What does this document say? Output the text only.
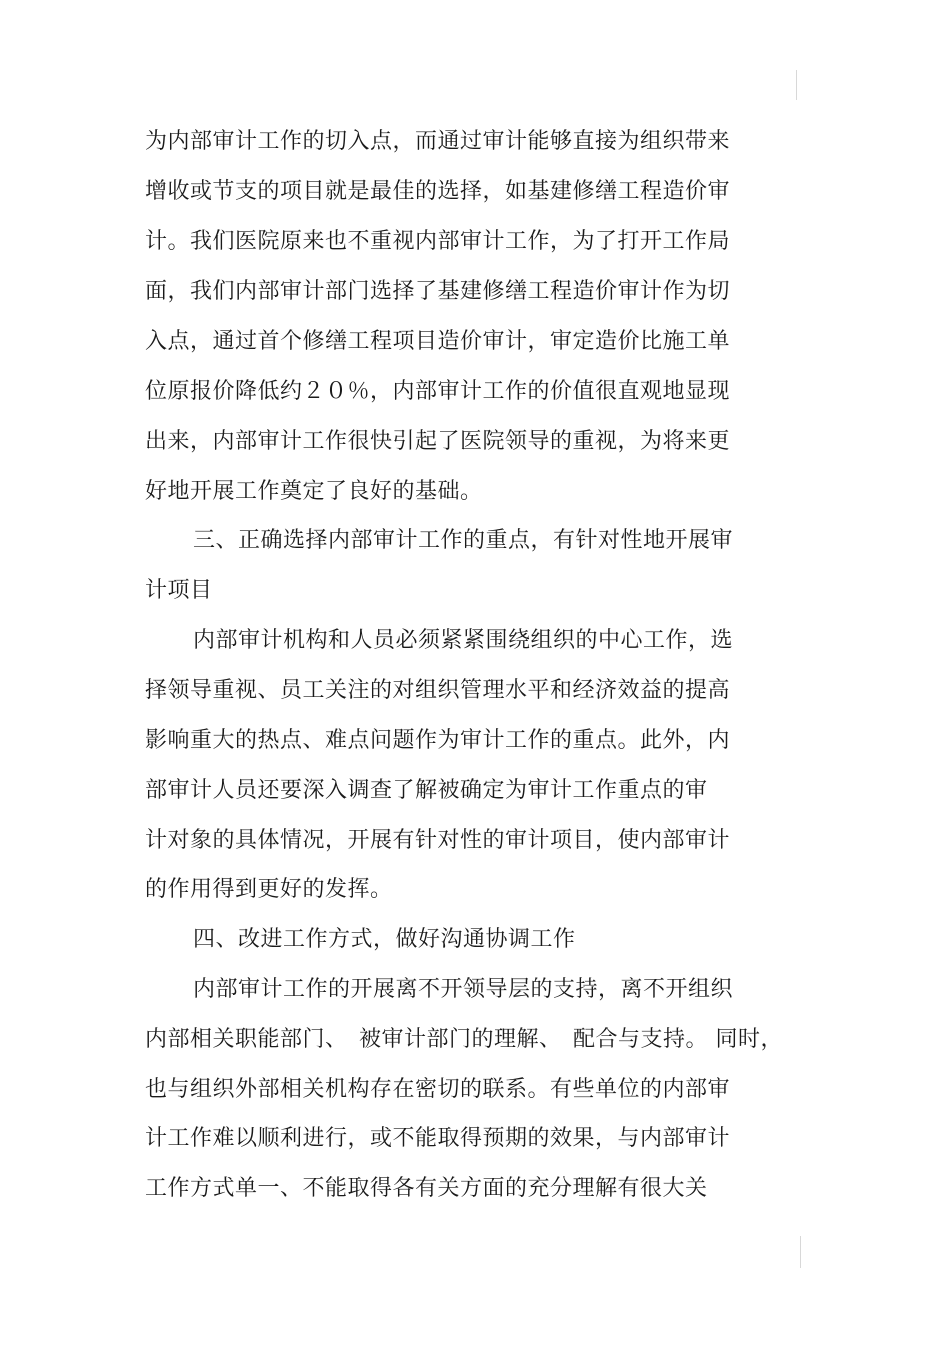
为内部审计工作的切入点，而通过审计能够直接为组织带来
增收或节支的项目就是最佳的选择，如基建修缮工程造价审
计。我们医院原来也不重视内部审计工作，为了打开工作局
面，我们内部审计部门选择了基建修缮工程造价审计作为切
入点，通过首个修缮工程项目造价审计，审定造价比施工单
位原报价降低约２０％，内部审计工作的价值很直观地显现
出来，内部审计工作很快引起了医院领导的重视，为将来更
好地开展工作奠定了良好的基础。
三、正确选择内部审计工作的重点，有针对性地开展审
计项目
内部审计机构和人员必须紧紧围绕组织的中心工作，选
择领导重视、员工关注的对组织管理水平和经济效益的提高
影响重大的热点、难点问题作为审计工作的重点。此外，内
部审计人员还要深入调查了解被确定为审计工作重点的审
计对象的具体情况，开展有针对性的审计项目，使内部审计
的作用得到更好的发挥。
四、改进工作方式，做好沟通协调工作
内部审计工作的开展离不开领导层的支持，离不开组织
内部相关职能部门、　被审计部门的理解、　配合与支持。 同时，
也与组织外部相关机构存在密切的联系。有些单位的内部审
计工作难以顺利进行，或不能取得预期的效果，与内部审计
工作方式单一、不能取得各有关方面的充分理解有很大关
